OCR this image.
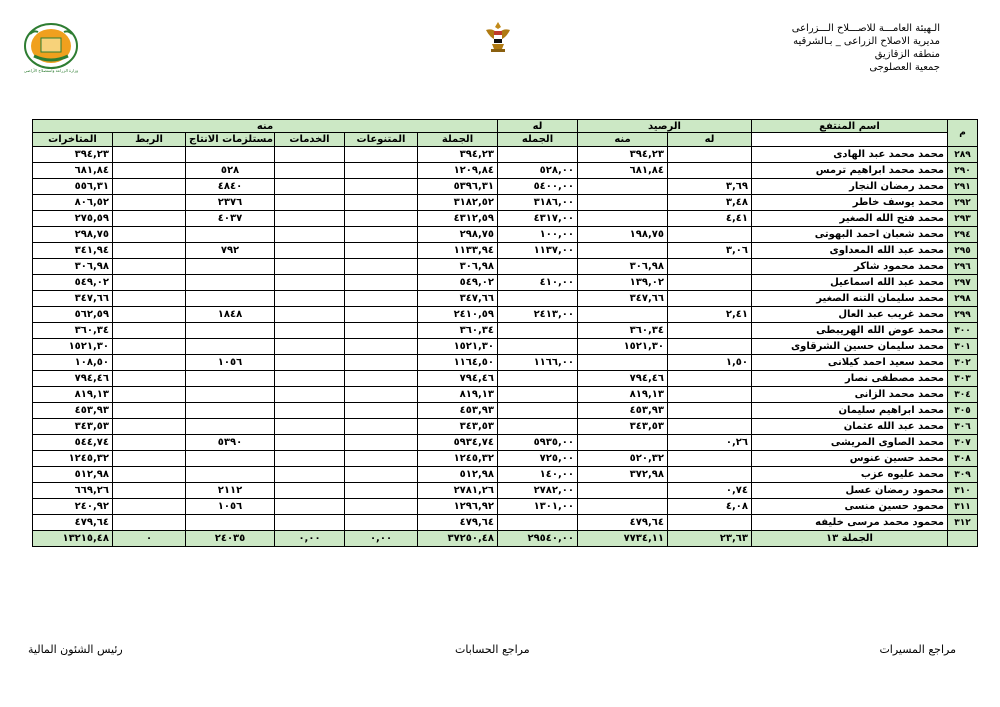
الـهيئة العامـــة للاصـــلاح الـــزراعى
مديرية الاصلاح الزراعى _ بـالشرقيه
منطقه الزقازيق
جمعية العصلوجى
وزارة الزراعة واستصلاح الأراضي
منه						له	الرصيد		اسم المنتفع	م
المتاخرات	الربط	مستلزمات الانتاج	الخدمات	المتنوعات	الجملة	الجمله	منه	له		
٣٩٤,٢٣					٣٩٤,٢٣		٣٩٤,٢٣		محمد محمد عبد الهادى	٢٨٩
٦٨١,٨٤		٥٢٨			١٢٠٩,٨٤	٥٢٨,٠٠	٦٨١,٨٤		محمد محمد ابراهيم ترمس	٢٩٠
٥٥٦,٣١		٤٨٤٠			٥٣٩٦,٣١	٥٤٠٠,٠٠		٣,٦٩	محمد رمضان النجار	٢٩١
٨٠٦,٥٢		٢٣٧٦			٣١٨٢,٥٢	٣١٨٦,٠٠		٣,٤٨	محمد يوسف خاطر	٢٩٢
٢٧٥,٥٩		٤٠٣٧			٤٣١٢,٥٩	٤٣١٧,٠٠		٤,٤١	محمد فتح الله الصغير	٢٩٣
٢٩٨,٧٥					٢٩٨,٧٥	١٠٠,٠٠	١٩٨,٧٥		محمد شعبان احمد البهوتى	٢٩٤
٣٤١,٩٤		٧٩٢			١١٣٣,٩٤	١١٣٧,٠٠		٣,٠٦	محمد عبد الله المعداوى	٢٩٥
٣٠٦,٩٨					٣٠٦,٩٨		٣٠٦,٩٨		محمد محمود شاكر	٢٩٦
٥٤٩,٠٢					٥٤٩,٠٢	٤١٠,٠٠	١٣٩,٠٢		محمد عبد الله اسماعيل	٢٩٧
٣٤٧,٦٦					٣٤٧,٦٦		٣٤٧,٦٦		محمد سليمان التنه الصغير	٢٩٨
٥٦٢,٥٩		١٨٤٨			٢٤١٠,٥٩	٢٤١٣,٠٠		٢,٤١	محمد غريب عبد العال	٢٩٩
٣٦٠,٣٤					٣٦٠,٣٤		٣٦٠,٣٤		محمد عوض الله الهريبطى	٣٠٠
١٥٢١,٣٠					١٥٢١,٣٠		١٥٢١,٣٠		محمد سليمان حسين الشرقاوى	٣٠١
١٠٨,٥٠		١٠٥٦			١١٦٤,٥٠	١١٦٦,٠٠		١,٥٠	محمد سعيد احمد كيلانى	٣٠٢
٧٩٤,٤٦					٧٩٤,٤٦		٧٩٤,٤٦		محمد مصطفى نصار	٣٠٣
٨١٩,١٣					٨١٩,١٣		٨١٩,١٣		محمد محمد الزانى	٣٠٤
٤٥٣,٩٣					٤٥٣,٩٣		٤٥٣,٩٣		محمد ابراهيم سليمان	٣٠٥
٣٤٣,٥٣					٣٤٣,٥٣		٣٤٣,٥٣		محمد عبد الله عثمان	٣٠٦
٥٤٤,٧٤		٥٣٩٠			٥٩٣٤,٧٤	٥٩٣٥,٠٠		٠,٢٦	محمد الصاوى المريشى	٣٠٧
١٢٤٥,٣٢					١٢٤٥,٣٢	٧٢٥,٠٠	٥٢٠,٣٢		محمد حسين عنوس	٣٠٨
٥١٢,٩٨					٥١٢,٩٨	١٤٠,٠٠	٣٧٢,٩٨		محمد عليوه عزب	٣٠٩
٦٦٩,٢٦		٢١١٢			٢٧٨١,٢٦	٢٧٨٢,٠٠		٠,٧٤	محمود رمضان عسل	٣١٠
٢٤٠,٩٢		١٠٥٦			١٢٩٦,٩٢	١٣٠١,٠٠		٤,٠٨	محمود حسين منسى	٣١١
٤٧٩,٦٤					٤٧٩,٦٤		٤٧٩,٦٤		محمود محمد مرسى خليفه	٣١٢
١٣٢١٥,٤٨	٠	٢٤٠٣٥	٠,٠٠	٠,٠٠	٣٧٢٥٠,٤٨	٢٩٥٤٠,٠٠	٧٧٣٤,١١	٢٣,٦٣	الجملة ١٣	
مراجع المسيرات
مراجع الحسابات
رئيس الشئون المالية
